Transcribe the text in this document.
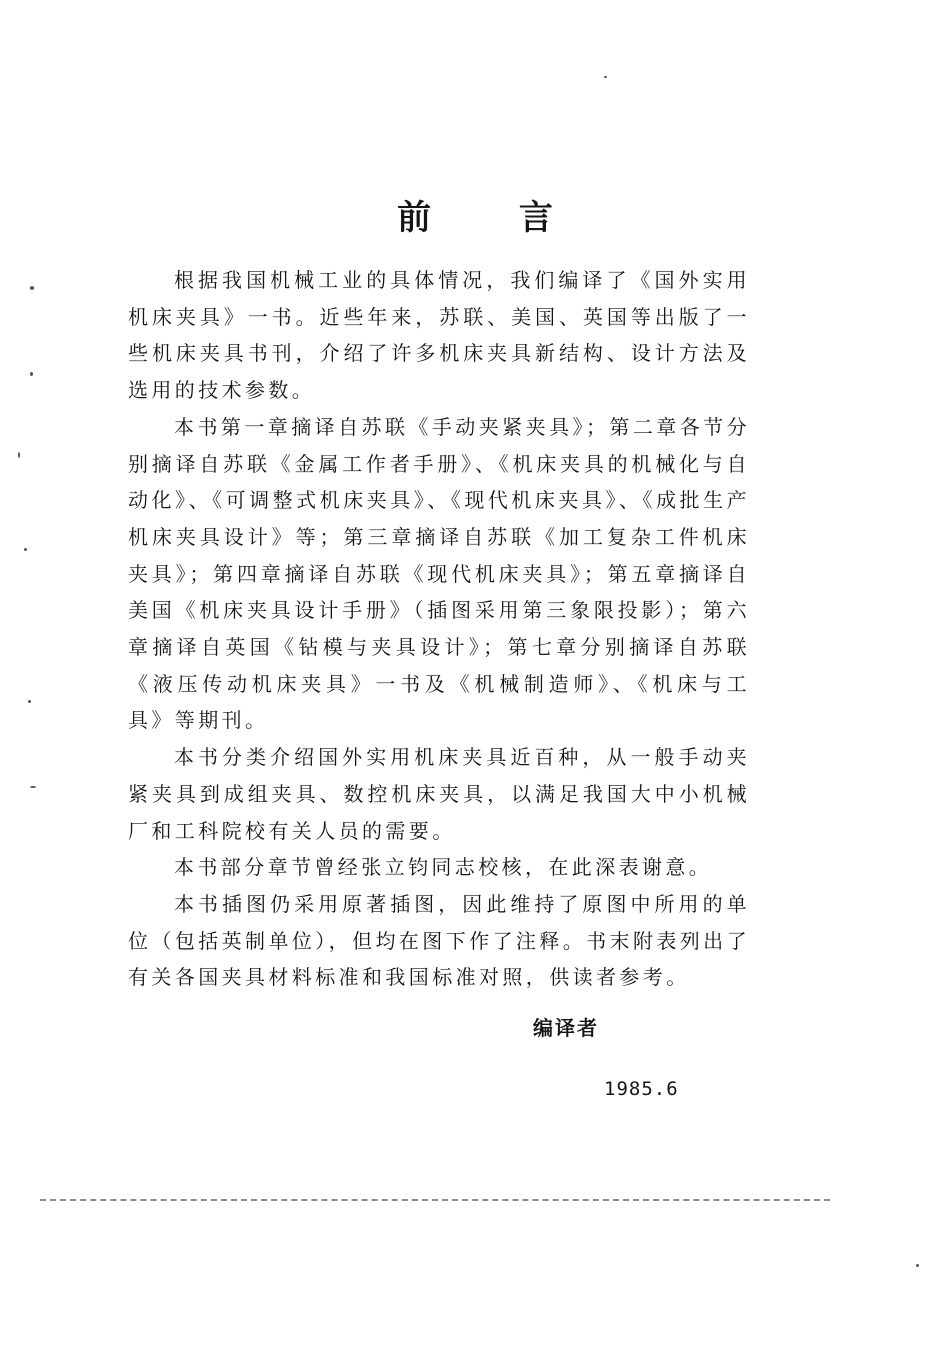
前 言

根据我国机械工业的具体情况，我们编译了《国外实用机床夹具》一书。近些年来，苏联、美国、英国等出版了一些机床夹具书刊，介绍了许多机床夹具新结构、设计方法及选用的技术参数。

本书第一章摘译自苏联《手动夹紧夹具》；第二章各节分别摘译自苏联《金属工作者手册》、《机床夹具的机械化与自动化》、《可调整式机床夹具》、《现代机床夹具》、《成批生产机床夹具设计》等；第三章摘译自苏联《加工复杂工件机床夹具》；第四章摘译自苏联《现代机床夹具》；第五章摘译自美国《机床夹具设计手册》（插图采用第三象限投影）；第六章摘译自英国《钻模与夹具设计》；第七章分别摘译自苏联《液压传动机床夹具》一书及《机械制造师》、《机床与工具》等期刊。

本书分类介绍国外实用机床夹具近百种，从一般手动夹紧夹具到成组夹具、数控机床夹具，以满足我国大中小机械厂和工科院校有关人员的需要。

本书部分章节曾经张立钧同志校核，在此深表谢意。

本书插图仍采用原著插图，因此维持了原图中所用的单位（包括英制单位），但均在图下作了注释。书末附表列出了有关各国夹具材料标准和我国标准对照，供读者参考。

编译者
1985.6
